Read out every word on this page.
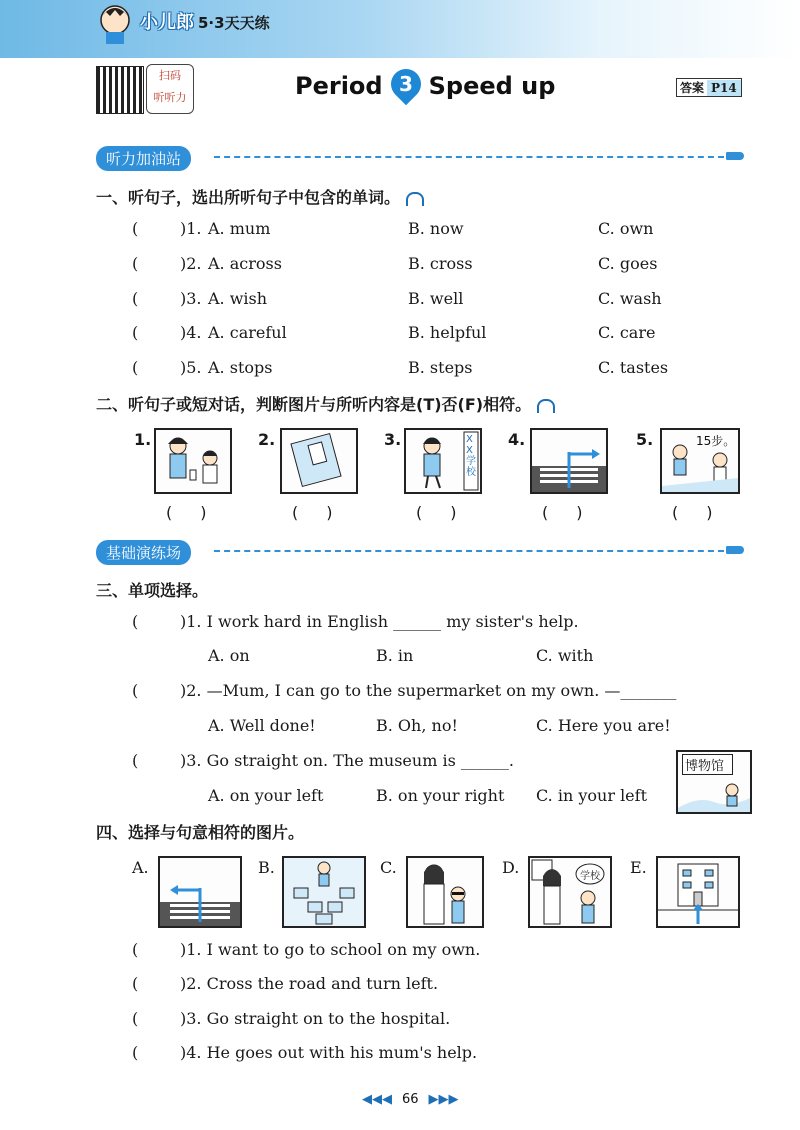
小儿郎 5·3天天练
扫码
听听力	Period 3 Speed up	答案 P14
听力加油站
一、听句子，选出所听句子中包含的单词。
(	)1. A. mum	B. now	C. own
(	)2. A. across	B. cross	C. goes
(	)3. A. wish	B. well	C. wash
(	)4. A. careful	B. helpful	C. care
(	)5. A. stops	B. steps	C. tastes
二、听句子或短对话，判断图片与所听内容是(T)否(F)相符。
1.	2.	3.	XX学校
4.	5.	15步。
()	()	()	()	()
基础演练场
三、单项选择。
(	)1. I work hard in English ______ my sister's help.
A. on	B. in	C. with
(	)2. —Mum, I can go to the supermarket on my own. —_______
A. Well done!	B. Oh, no!	C. Here you are!
(	)3. Go straight on. The museum is ______.
A. on your left	B. on your right C. in your left
博物馆
四、选择与句意相符的图片。
A.	B.	C.	D.	学校 E.
(	)1. I want to go to school on my own.
(	)2. Cross the road and turn left.
(	)3. Go straight on to the hospital.
(	)4. He goes out with his mum's help.
◀◀◀ 66 ▶▶▶
